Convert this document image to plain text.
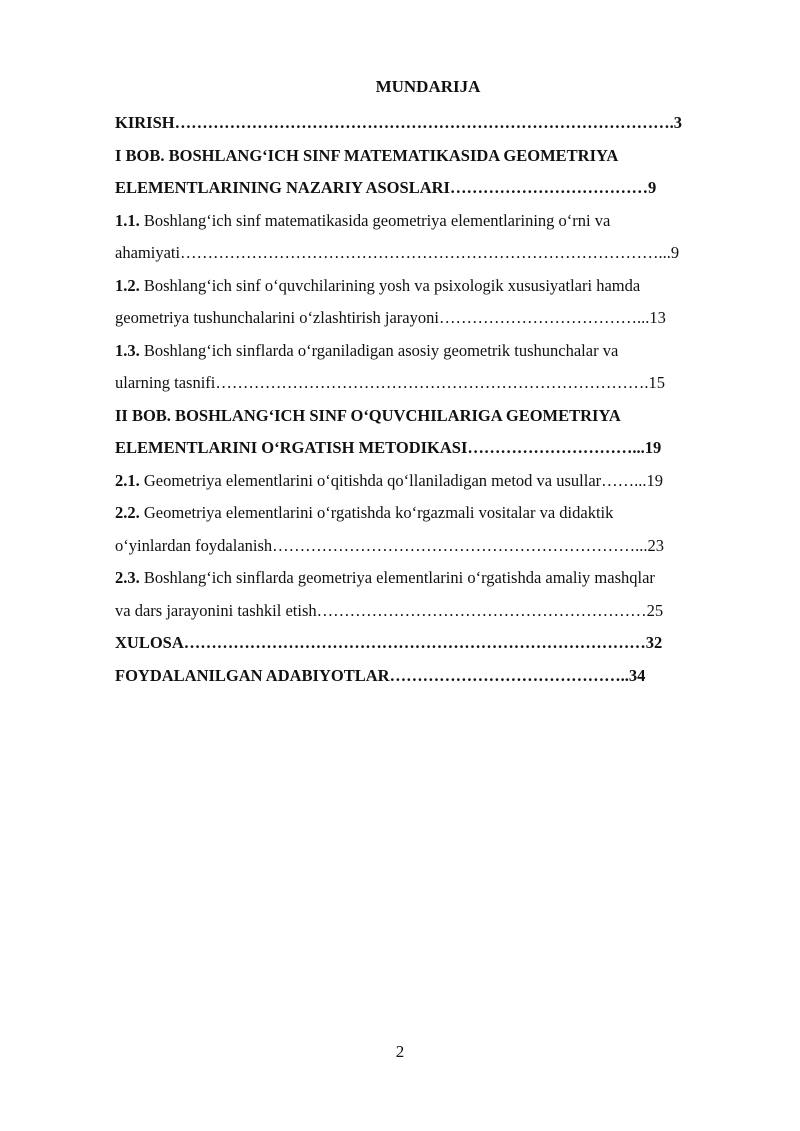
MUNDARIJA
KIRISH……………………………………………………………………………….3
I BOB. BOSHLANG‘ICH SINF MATEMATIKASIDA GEOMETRIYA
ELEMENTLARINING NAZARIY ASOSLARI………………………………9
1.1. Boshlang‘ich sinf matematikasida geometriya elementlarining o‘rni va
ahamiyati……………………………………………………………………………...9
1.2. Boshlang‘ich sinf o‘quvchilarining yosh va psixologik xususiyatlari hamda
geometriya tushunchalarini o‘zlashtirish jarayoni………………………………...13
1.3. Boshlang‘ich sinflarda o‘rganiladigan asosiy geometrik tushunchalar va
ularning tasnifi…………………………………………………………………….15
II BOB. BOSHLANG‘ICH SINF O‘QUVCHILARIGA GEOMETRIYA
ELEMENTLARINI O‘RGATISH METODIKASI…………………………...19
2.1. Geometriya elementlarini o‘qitishda qo‘llaniladigan metod va usullar……...19
2.2. Geometriya elementlarini o‘rgatishda ko‘rgazmali vositalar va didaktik
o‘yinlardan foydalanish…………………………………………………………...23
2.3. Boshlang‘ich sinflarda geometriya elementlarini o‘rgatishda amaliy mashqlar
va dars jarayonini tashkil etish……………………………………………………25
XULOSA…………………………………………………………………………32
FOYDALANILGAN ADABIYOTLAR……………………………………..34
2
